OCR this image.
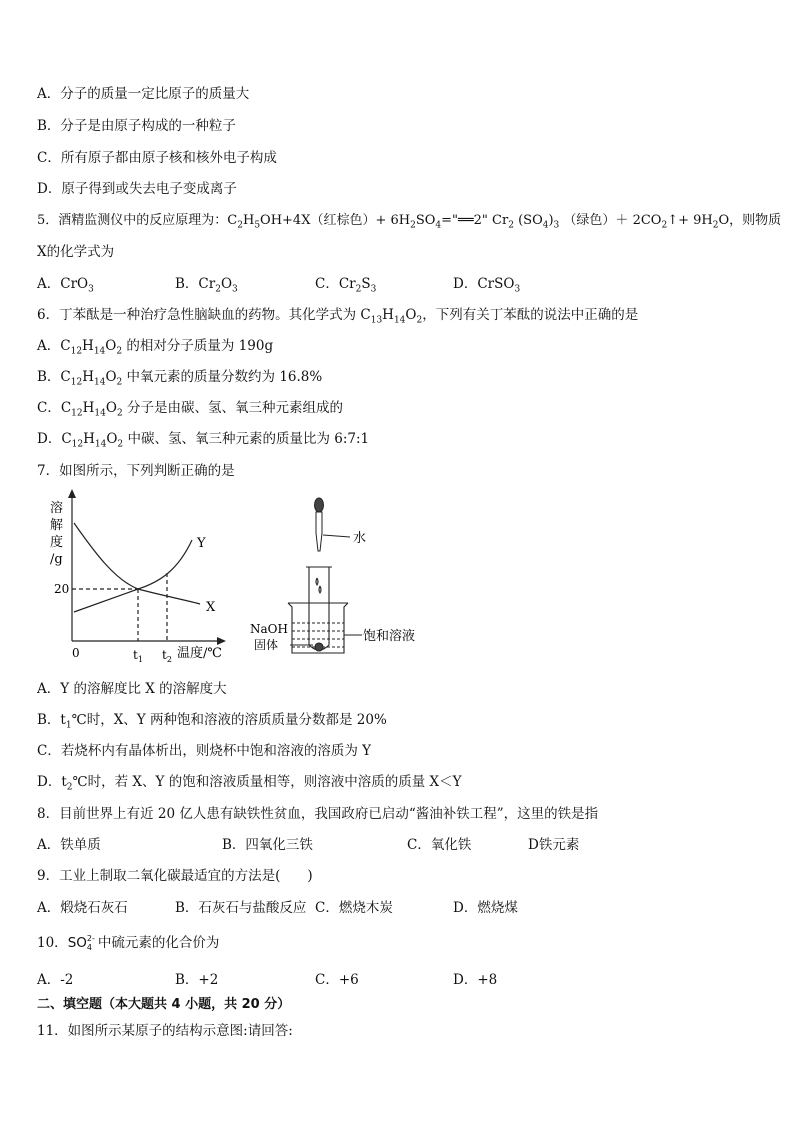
A．分子的质量一定比原子的质量大
B．分子是由原子构成的一种粒子
C．所有原子都由原子核和核外电子构成
D．原子得到或失去电子变成离子
5．酒精监测仪中的反应原理为：$C_2H_5OH+4X$（红棕色）+ $6H_2SO_4="══2$" $Cr_2$ $(SO_4)_3$ （绿色）＋ $2CO_2↑+ 9H_2O$，则物质
X的化学式为
A．CrO$_3$	B．$Cr_2O_3$	C．$Cr_2S_3$	D．CrSO$_3$
6．丁苯酞是一种治疗急性脑缺血的药物。其化学式为 $C_{13}H_{14}O_2$，下列有关丁苯酞的说法中正确的是
A．$C_{12}H_{14}O_2$ 的相对分子质量为 190g
B．$C_{12}H_{14}O_2$ 中氧元素的质量分数约为 16.8%
C．$C_{12}H_{14}O_2$ 分子是由碳、氢、氧三种元素组成的
D．$C_{12}H_{14}O_2$ 中碳、氢、氧三种元素的质量比为 6:7:1
7．如图所示，下列判断正确的是
溶
解
度
/g
20
0	$t_1$ $t_2$ 温度/℃
Y
X
水
NaOH
固体
饱和溶液
A．Y 的溶解度比 X 的溶解度大
B．$t_1℃$时，X、Y 两种饱和溶液的溶质质量分数都是 20%
C．若烧杯内有晶体析出，则烧杯中饱和溶液的溶质为 Y
D．$t_2℃$时，若 X、Y 的饱和溶液质量相等，则溶液中溶质的质量 X＜Y
8．目前世界上有近 20 亿人患有缺铁性贫血，我国政府已启动“酱油补铁工程”，这里的铁是指
A．铁单质	B．四氧化三铁	C．氧化铁	D铁元素
9．工业上制取二氧化碳最适宜的方法是(　　)
A．煅烧石灰石	B．石灰石与盐酸反应 C．燃烧木炭	D．燃烧煤
10．SO 2-
4 中硫元素的化合价为
A．-2	B．+2	C．+6	D．+8
二、填空题（本大题共 4 小题，共 20 分）
11．如图所示某原子的结构示意图:请回答:
